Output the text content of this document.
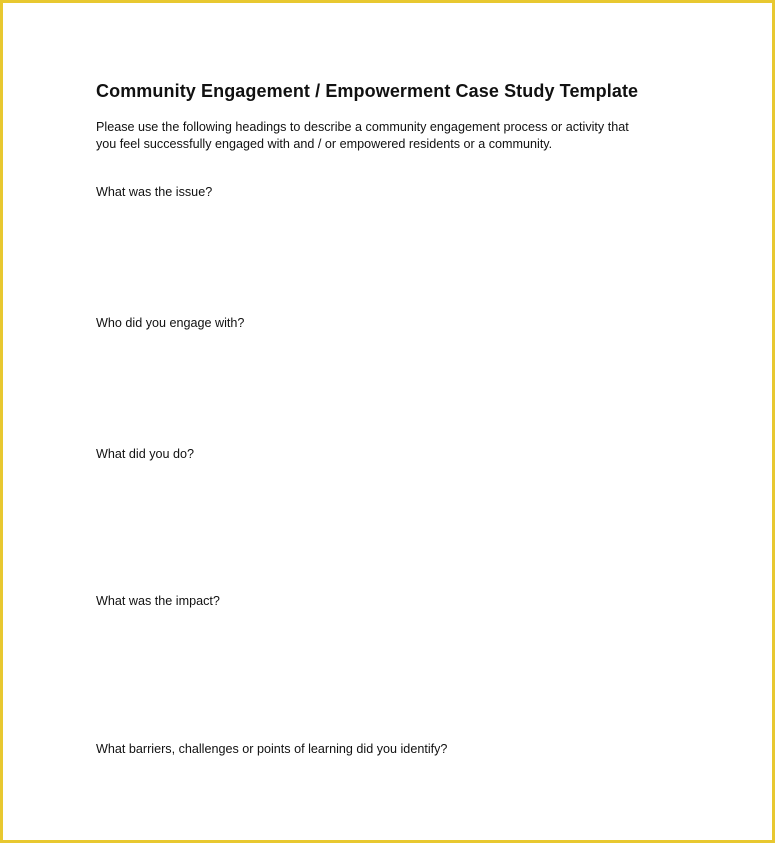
Community Engagement / Empowerment Case Study Template

Please use the following headings to describe a community engagement process or activity that
you feel successfully engaged with and / or empowered residents or a community.

What was the issue?

Who did you engage with?

What did you do?

What was the impact?

What barriers, challenges or points of learning did you identify?
